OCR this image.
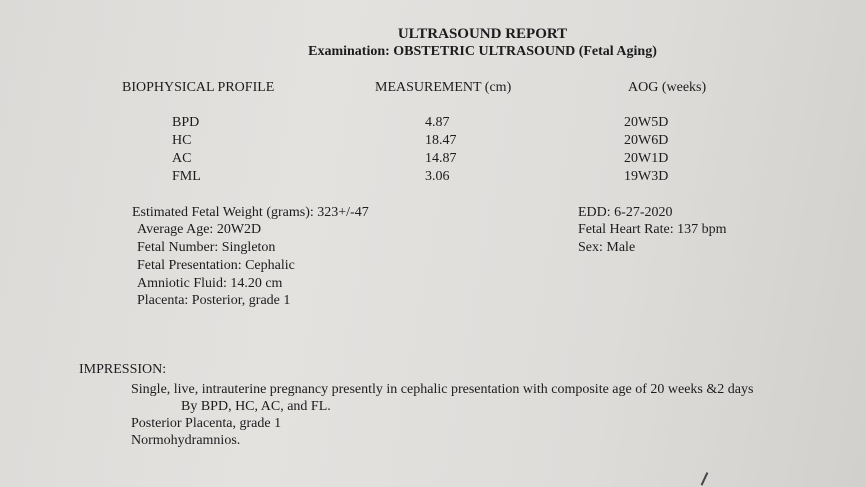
ULTRASOUND REPORT
Examination: OBSTETRIC ULTRASOUND (Fetal Aging)
BIOPHYSICAL PROFILE	MEASUREMENT (cm)	AOG (weeks)
BPD	4.87	20W5D
HC	18.47	20W6D
AC	14.87	20W1D
FML	3.06	19W3D
Estimated Fetal Weight (grams): 323+/-47
Average Age: 20W2D
Fetal Number: Singleton
Fetal Presentation: Cephalic
Amniotic Fluid: 14.20 cm
Placenta: Posterior, grade 1
EDD: 6-27-2020
Fetal Heart Rate: 137 bpm
Sex: Male
IMPRESSION:
Single, live, intrauterine pregnancy presently in cephalic presentation with composite age of 20 weeks &2 days
By BPD, HC, AC, and FL.
Posterior Placenta, grade 1
Normohydramnios.
